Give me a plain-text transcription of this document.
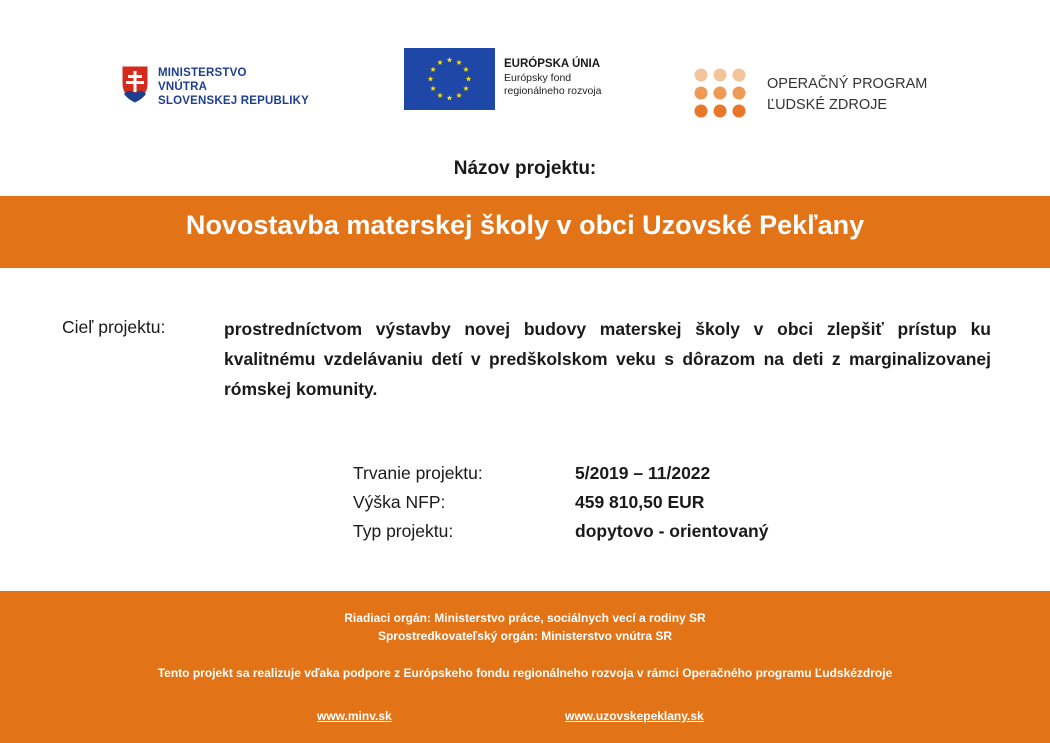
MINISTERSTVO
VNÚTRA
SLOVENSKEJ REPUBLIKY
EURÓPSKA ÚNIA
Európsky fond
regionálneho rozvoja	OPERAČNÝ PROGRAM
ĽUDSKÉ ZDROJE
Názov projektu:
Novostavba materskej školy v obci Uzovské Pekľany
Cieľ projektu:	prostredníctvom výstavby novej budovy materskej školy v obci zlepšiť prístup ku kvalitnému vzdelávaniu detí v predškolskom veku s dôrazom na deti z marginalizovanej rómskej komunity.
Trvanie projektu:	5/2019 – 11/2022
Výška NFP:	459 810,50 EUR
Typ projektu:	dopytovo - orientovaný
Riadiaci orgán: Ministerstvo práce, sociálnych vecí a rodiny SR
Sprostredkovateľský orgán: Ministerstvo vnútra SR
Tento projekt sa realizuje vďaka podpore z Európskeho fondu regionálneho rozvoja v rámci Operačného programu Ľudskézdroje
www.minv.sk	www.uzovskepeklany.sk
